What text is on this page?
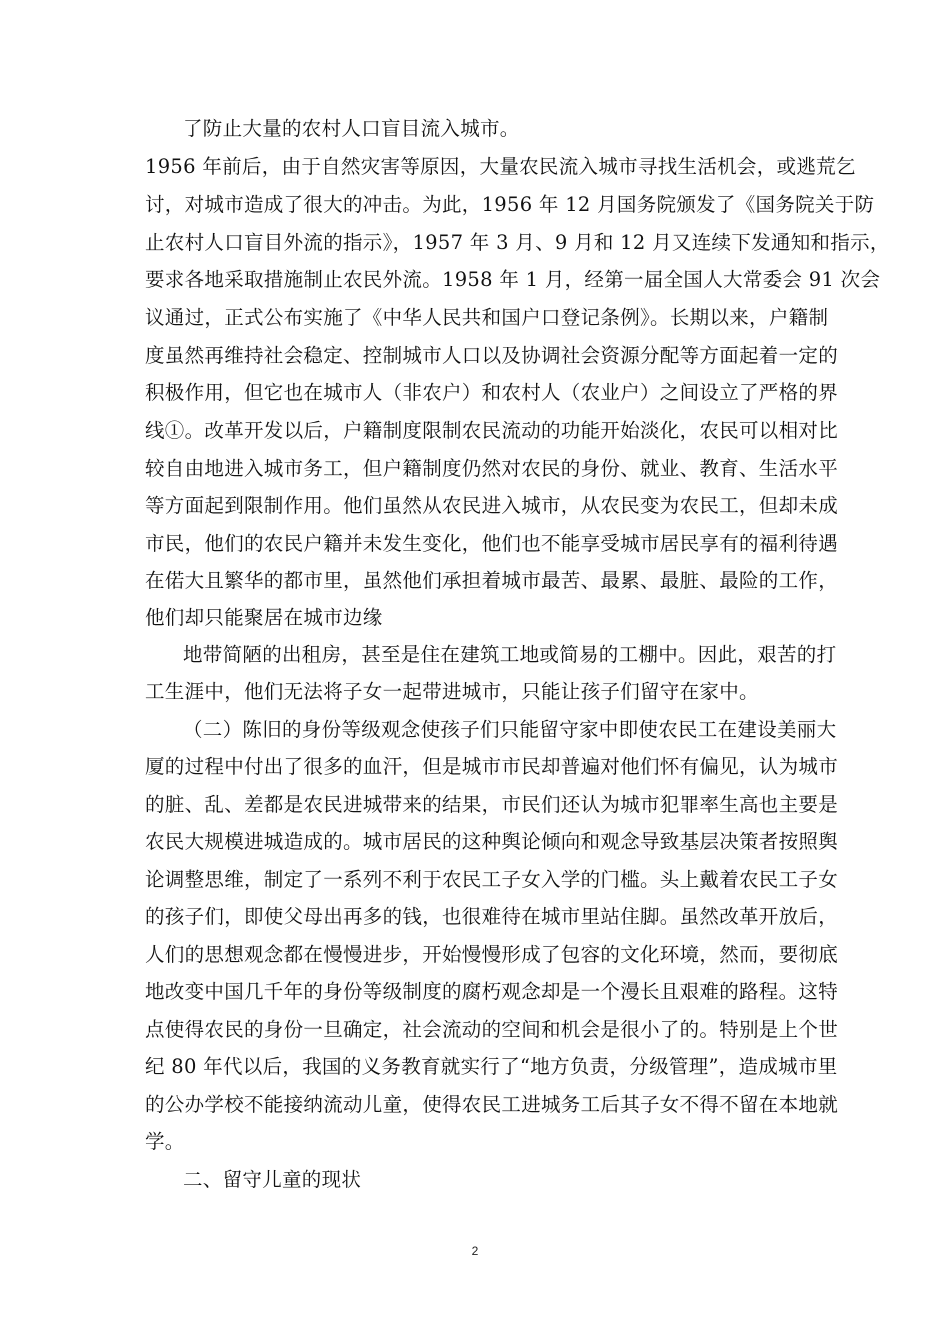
了防止大量的农村人口盲目流入城市。
1956 年前后，由于自然灾害等原因，大量农民流入城市寻找生活机会，或逃荒乞
讨，对城市造成了很大的冲击。为此，1956 年 12 月国务院颁发了《国务院关于防
止农村人口盲目外流的指示》，1957 年 3 月、9 月和 12 月又连续下发通知和指示，
要求各地采取措施制止农民外流。1958 年 1 月，经第一届全国人大常委会 91 次会
议通过，正式公布实施了《中华人民共和国户口登记条例》。长期以来，户籍制
度虽然再维持社会稳定、控制城市人口以及协调社会资源分配等方面起着一定的
积极作用，但它也在城市人（非农户）和农村人（农业户）之间设立了严格的界
线①。改革开发以后，户籍制度限制农民流动的功能开始淡化，农民可以相对比
较自由地进入城市务工，但户籍制度仍然对农民的身份、就业、教育、生活水平
等方面起到限制作用。他们虽然从农民进入城市，从农民变为农民工，但却未成
市民，他们的农民户籍并未发生变化，他们也不能享受城市居民享有的福利待遇
在偌大且繁华的都市里，虽然他们承担着城市最苦、最累、最脏、最险的工作，
他们却只能聚居在城市边缘
地带简陋的出租房，甚至是住在建筑工地或简易的工棚中。因此，艰苦的打
工生涯中，他们无法将子女一起带进城市，只能让孩子们留守在家中。
（二）陈旧的身份等级观念使孩子们只能留守家中即使农民工在建设美丽大
厦的过程中付出了很多的血汗，但是城市市民却普遍对他们怀有偏见，认为城市
的脏、乱、差都是农民进城带来的结果，市民们还认为城市犯罪率生高也主要是
农民大规模进城造成的。城市居民的这种舆论倾向和观念导致基层决策者按照舆
论调整思维，制定了一系列不利于农民工子女入学的门槛。头上戴着农民工子女
的孩子们，即使父母出再多的钱，也很难待在城市里站住脚。虽然改革开放后，
人们的思想观念都在慢慢进步，开始慢慢形成了包容的文化环境，然而，要彻底
地改变中国几千年的身份等级制度的腐朽观念却是一个漫长且艰难的路程。这特
点使得农民的身份一旦确定，社会流动的空间和机会是很小了的。特别是上个世
纪 80 年代以后，我国的义务教育就实行了“地方负责，分级管理”，造成城市里
的公办学校不能接纳流动儿童，使得农民工进城务工后其子女不得不留在本地就
学。
二、留守儿童的现状
2
